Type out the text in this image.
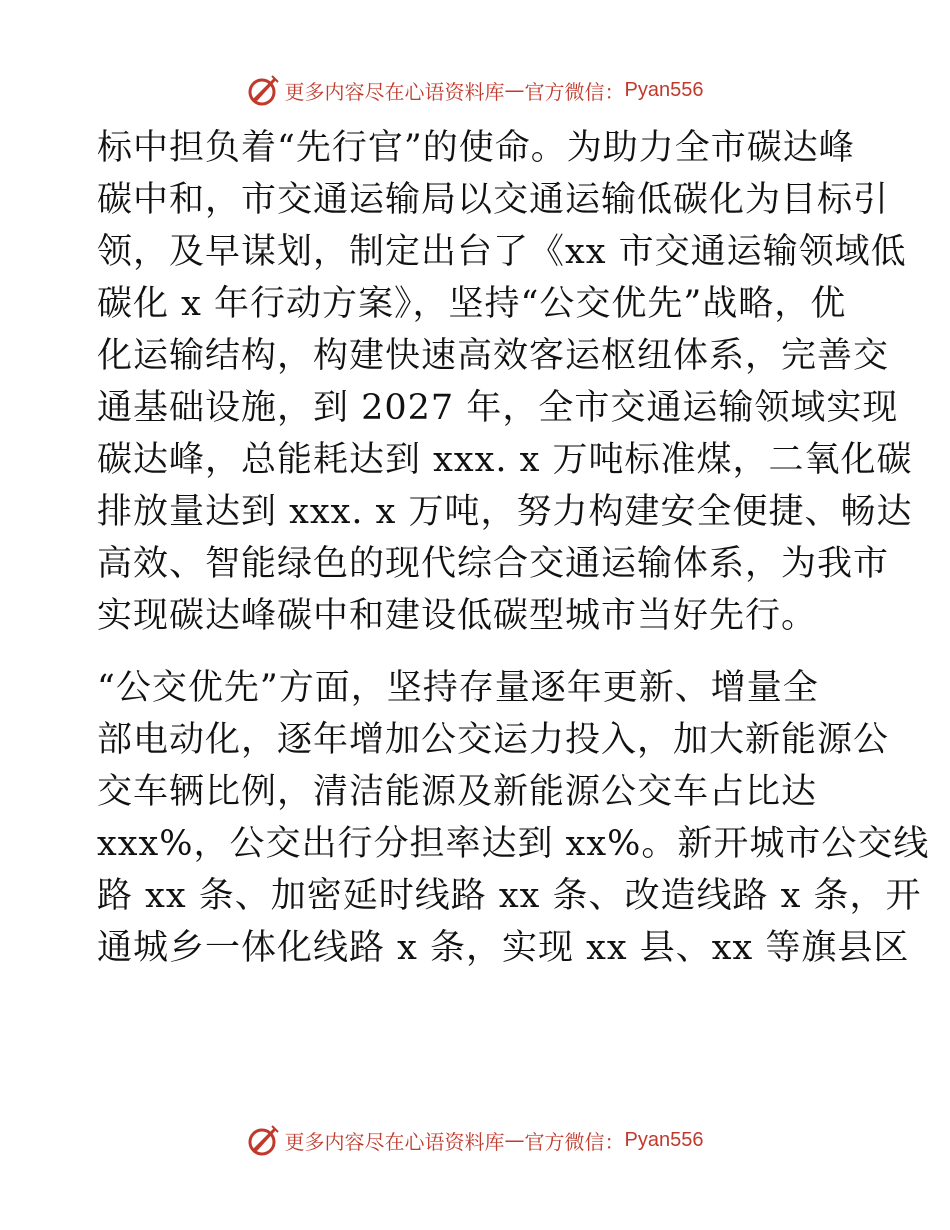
更多内容尽在心语资料库 — 官方微信： Pyan556
标中担负着“先行官”的使命。为助力全市碳达峰
碳中和，市交通运输局以交通运输低碳化为目标引
领，及早谋划，制定出台了《xx 市交通运输领域低
碳化 x 年行动方案》，坚持“公交优先”战略，优
化运输结构，构建快速高效客运枢纽体系，完善交
通基础设施，到 2027 年，全市交通运输领域实现
碳达峰，总能耗达到 xxx. x 万吨标准煤，二氧化碳
排放量达到 xxx. x 万吨，努力构建安全便捷、畅达
高效、智能绿色的现代综合交通运输体系，为我市
实现碳达峰碳中和建设低碳型城市当好先行。
“公交优先”方面，坚持存量逐年更新、增量全
部电动化，逐年增加公交运力投入，加大新能源公
交车辆比例，清洁能源及新能源公交车占比达
xxx%，公交出行分担率达到 xx%。新开城市公交线
路 xx 条、加密延时线路 xx 条、改造线路 x 条，开
通城乡一体化线路 x 条，实现 xx 县、xx 等旗县区
更多内容尽在心语资料库 — 官方微信： Pyan556
